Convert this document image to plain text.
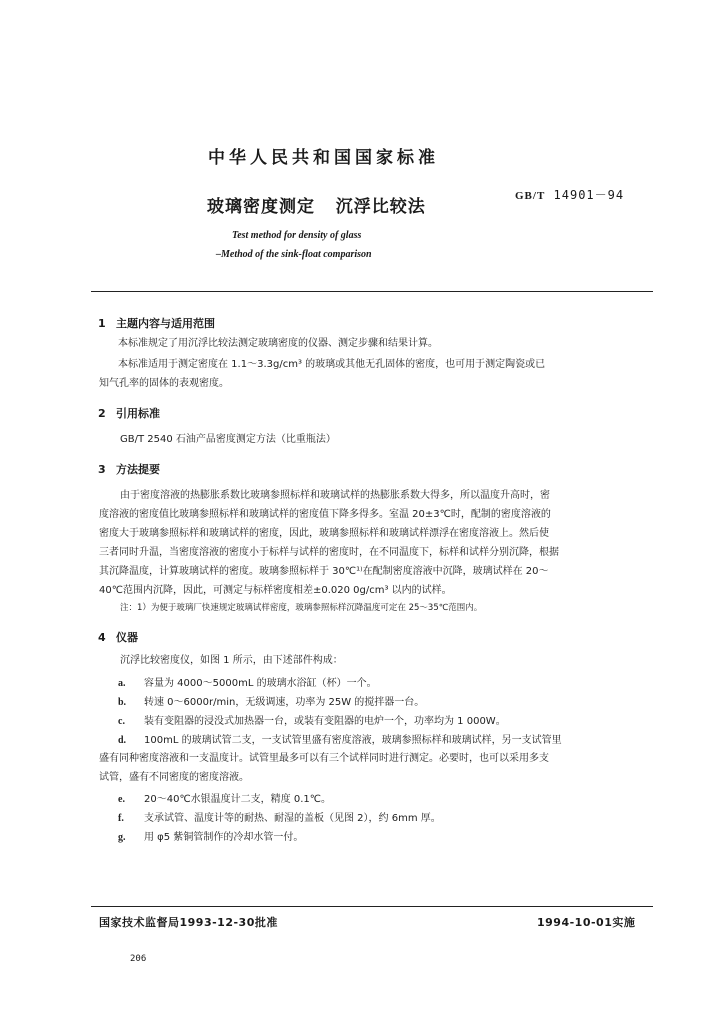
中华人民共和国国家标准
玻璃密度测定   沉浮比较法
GB/T 14901－94
Test method for density of glass
–Method of the sink-float comparison
1 主题内容与适用范围
本标准规定了用沉浮比较法测定玻璃密度的仪器、测定步骤和结果计算。
本标准适用于测定密度在 1.1～3.3g/cm³ 的玻璃或其他无孔固体的密度，也可用于测定陶瓷或已
知气孔率的固体的表观密度。
2 引用标准
GB/T 2540 石油产品密度测定方法（比重瓶法）
3 方法提要
由于密度溶液的热膨胀系数比玻璃参照标样和玻璃试样的热膨胀系数大得多，所以温度升高时，密
度溶液的密度值比玻璃参照标样和玻璃试样的密度值下降多得多。室温 20±3℃时，配制的密度溶液的
密度大于玻璃参照标样和玻璃试样的密度，因此，玻璃参照标样和玻璃试样漂浮在密度溶液上。然后使
三者同时升温，当密度溶液的密度小于标样与试样的密度时，在不同温度下，标样和试样分别沉降，根据
其沉降温度，计算玻璃试样的密度。玻璃参照标样于 30℃¹⁾在配制密度溶液中沉降，玻璃试样在 20～
40℃范围内沉降，因此，可测定与标样密度相差±0.020 0g/cm³ 以内的试样。
注：1）为便于玻璃厂快速规定玻璃试样密度，玻璃参照标样沉降温度可定在 25～35℃范围内。
4 仪器
沉浮比较密度仪，如图 1 所示，由下述部件构成：
a. 容量为 4000～5000mL 的玻璃水浴缸（杯）一个。
b. 转速 0～6000r/min，无级调速，功率为 25W 的搅拌器一台。
c. 装有变阻器的浸没式加热器一台，或装有变阻器的电炉一个，功率均为 1 000W。
d. 100mL 的玻璃试管二支，一支试管里盛有密度溶液，玻璃参照标样和玻璃试样，另一支试管里
盛有同种密度溶液和一支温度计。试管里最多可以有三个试样同时进行测定。必要时，也可以采用多支
试管，盛有不同密度的密度溶液。
e. 20～40℃水银温度计二支，精度 0.1℃。
f. 支承试管、温度计等的耐热、耐湿的盖板（见图 2），约 6mm 厚。
g. 用 φ5 紫铜管制作的冷却水管一付。
国家技术监督局1993-12-30批准	1994-10-01实施
206
